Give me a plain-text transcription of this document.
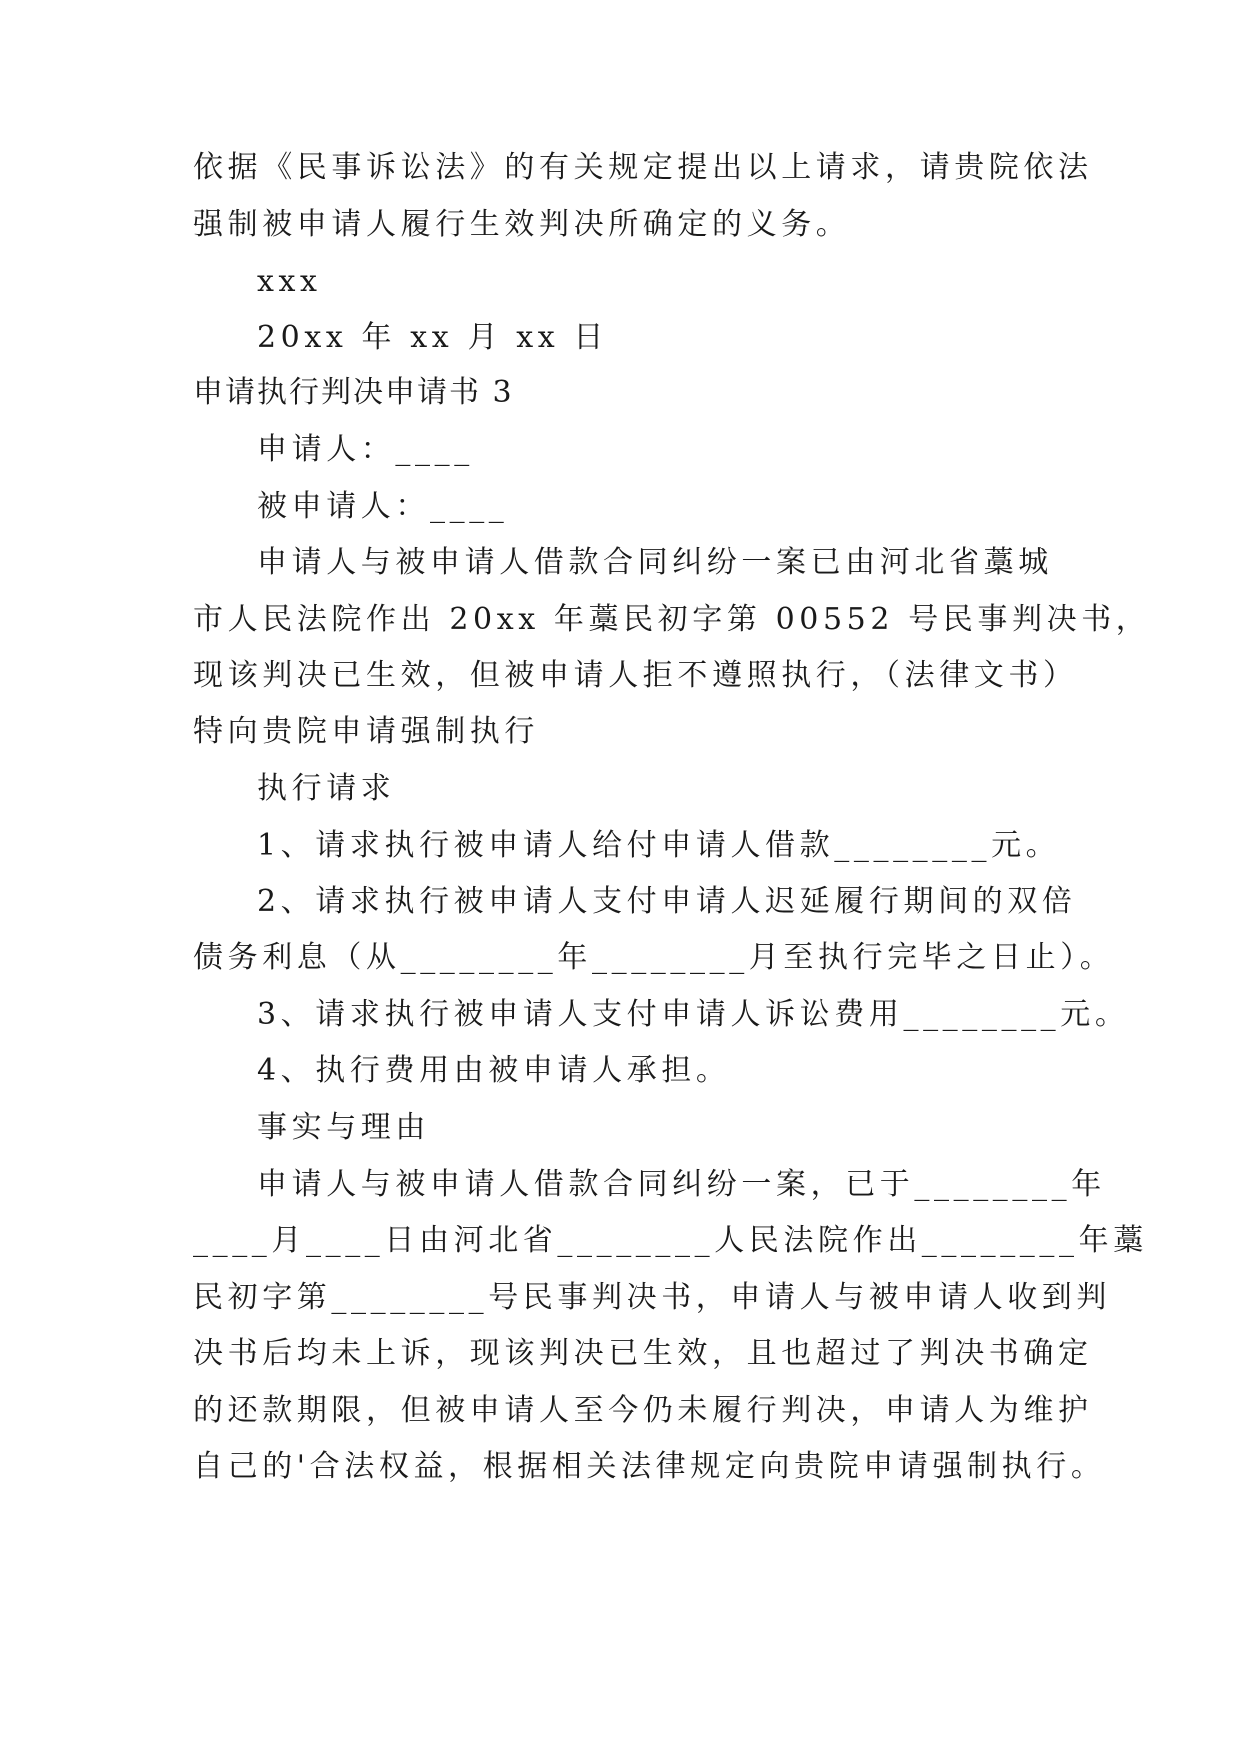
依据《民事诉讼法》的有关规定提出以上请求，请贵院依法
强制被申请人履行生效判决所确定的义务。
xxx
20xx 年 xx 月 xx 日
申请执行判决申请书 3
申请人：____
被申请人：____
申请人与被申请人借款合同纠纷一案已由河北省藁城
市人民法院作出 20xx 年藁民初字第 00552 号民事判决书，
现该判决已生效，但被申请人拒不遵照执行，（法律文书）
特向贵院申请强制执行
执行请求
1、请求执行被申请人给付申请人借款________元。
2、请求执行被申请人支付申请人迟延履行期间的双倍
债务利息（从________年________月至执行完毕之日止）。
3、请求执行被申请人支付申请人诉讼费用________元。
4、执行费用由被申请人承担。
事实与理由
申请人与被申请人借款合同纠纷一案，已于________年
____月____日由河北省________人民法院作出________年藁
民初字第________号民事判决书，申请人与被申请人收到判
决书后均未上诉，现该判决已生效，且也超过了判决书确定
的还款期限，但被申请人至今仍未履行判决，申请人为维护
自己的'合法权益，根据相关法律规定向贵院申请强制执行。
